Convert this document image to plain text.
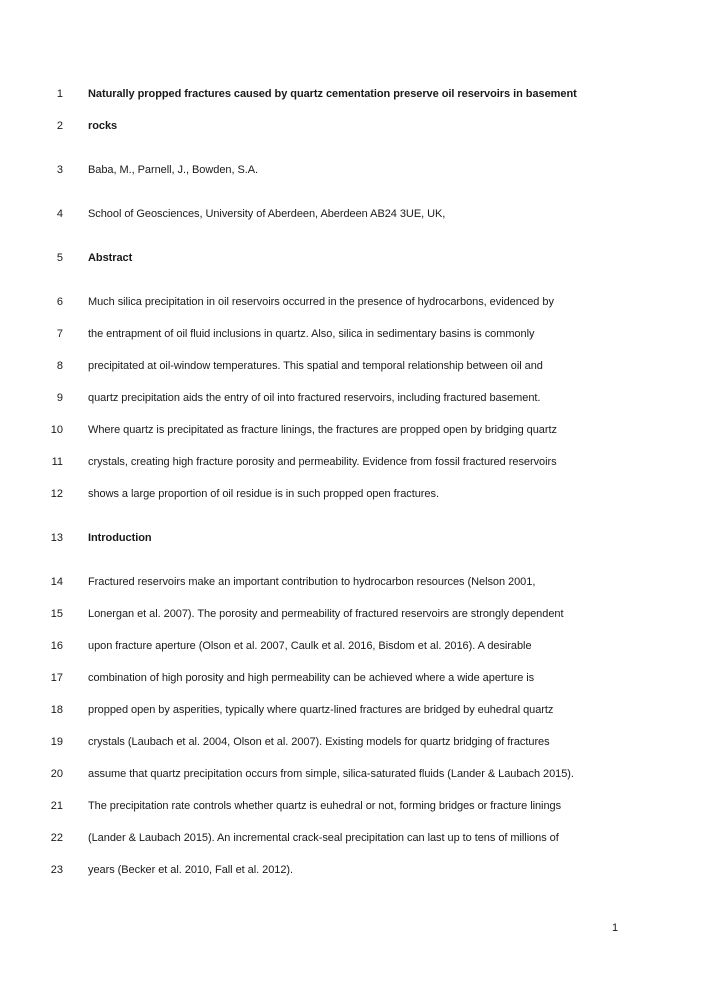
1	Naturally propped fractures caused by quartz cementation preserve oil reservoirs in basement
2	rocks
3	Baba, M., Parnell, J., Bowden, S.A.
4	School of Geosciences, University of Aberdeen, Aberdeen AB24 3UE, UK,
5	Abstract
6	Much silica precipitation in oil reservoirs occurred in the presence of hydrocarbons, evidenced by
7	the entrapment of oil fluid inclusions in quartz. Also, silica in sedimentary basins is commonly
8	precipitated at oil-window temperatures. This spatial and temporal relationship between oil and
9	quartz precipitation aids the entry of oil into fractured reservoirs, including fractured basement.
10	Where quartz is precipitated as fracture linings, the fractures are propped open by bridging quartz
11	crystals, creating high fracture porosity and permeability. Evidence from fossil fractured reservoirs
12	shows a large proportion of oil residue is in such propped open fractures.
13	Introduction
14	Fractured reservoirs make an important contribution to hydrocarbon resources (Nelson 2001,
15	Lonergan et al. 2007). The porosity and permeability of fractured reservoirs are strongly dependent
16	upon fracture aperture (Olson et al. 2007, Caulk et al. 2016, Bisdom et al. 2016). A desirable
17	combination of high porosity and high permeability can be achieved where a wide aperture is
18	propped open by asperities, typically where quartz-lined fractures are bridged by euhedral quartz
19	crystals (Laubach et al. 2004, Olson et al. 2007). Existing models for quartz bridging of fractures
20	assume that quartz precipitation occurs from simple, silica-saturated fluids (Lander & Laubach 2015).
21	The precipitation rate controls whether quartz is euhedral or not, forming bridges or fracture linings
22	(Lander & Laubach 2015). An incremental crack-seal precipitation can last up to tens of millions of
23	years (Becker et al. 2010, Fall et al. 2012).
1
